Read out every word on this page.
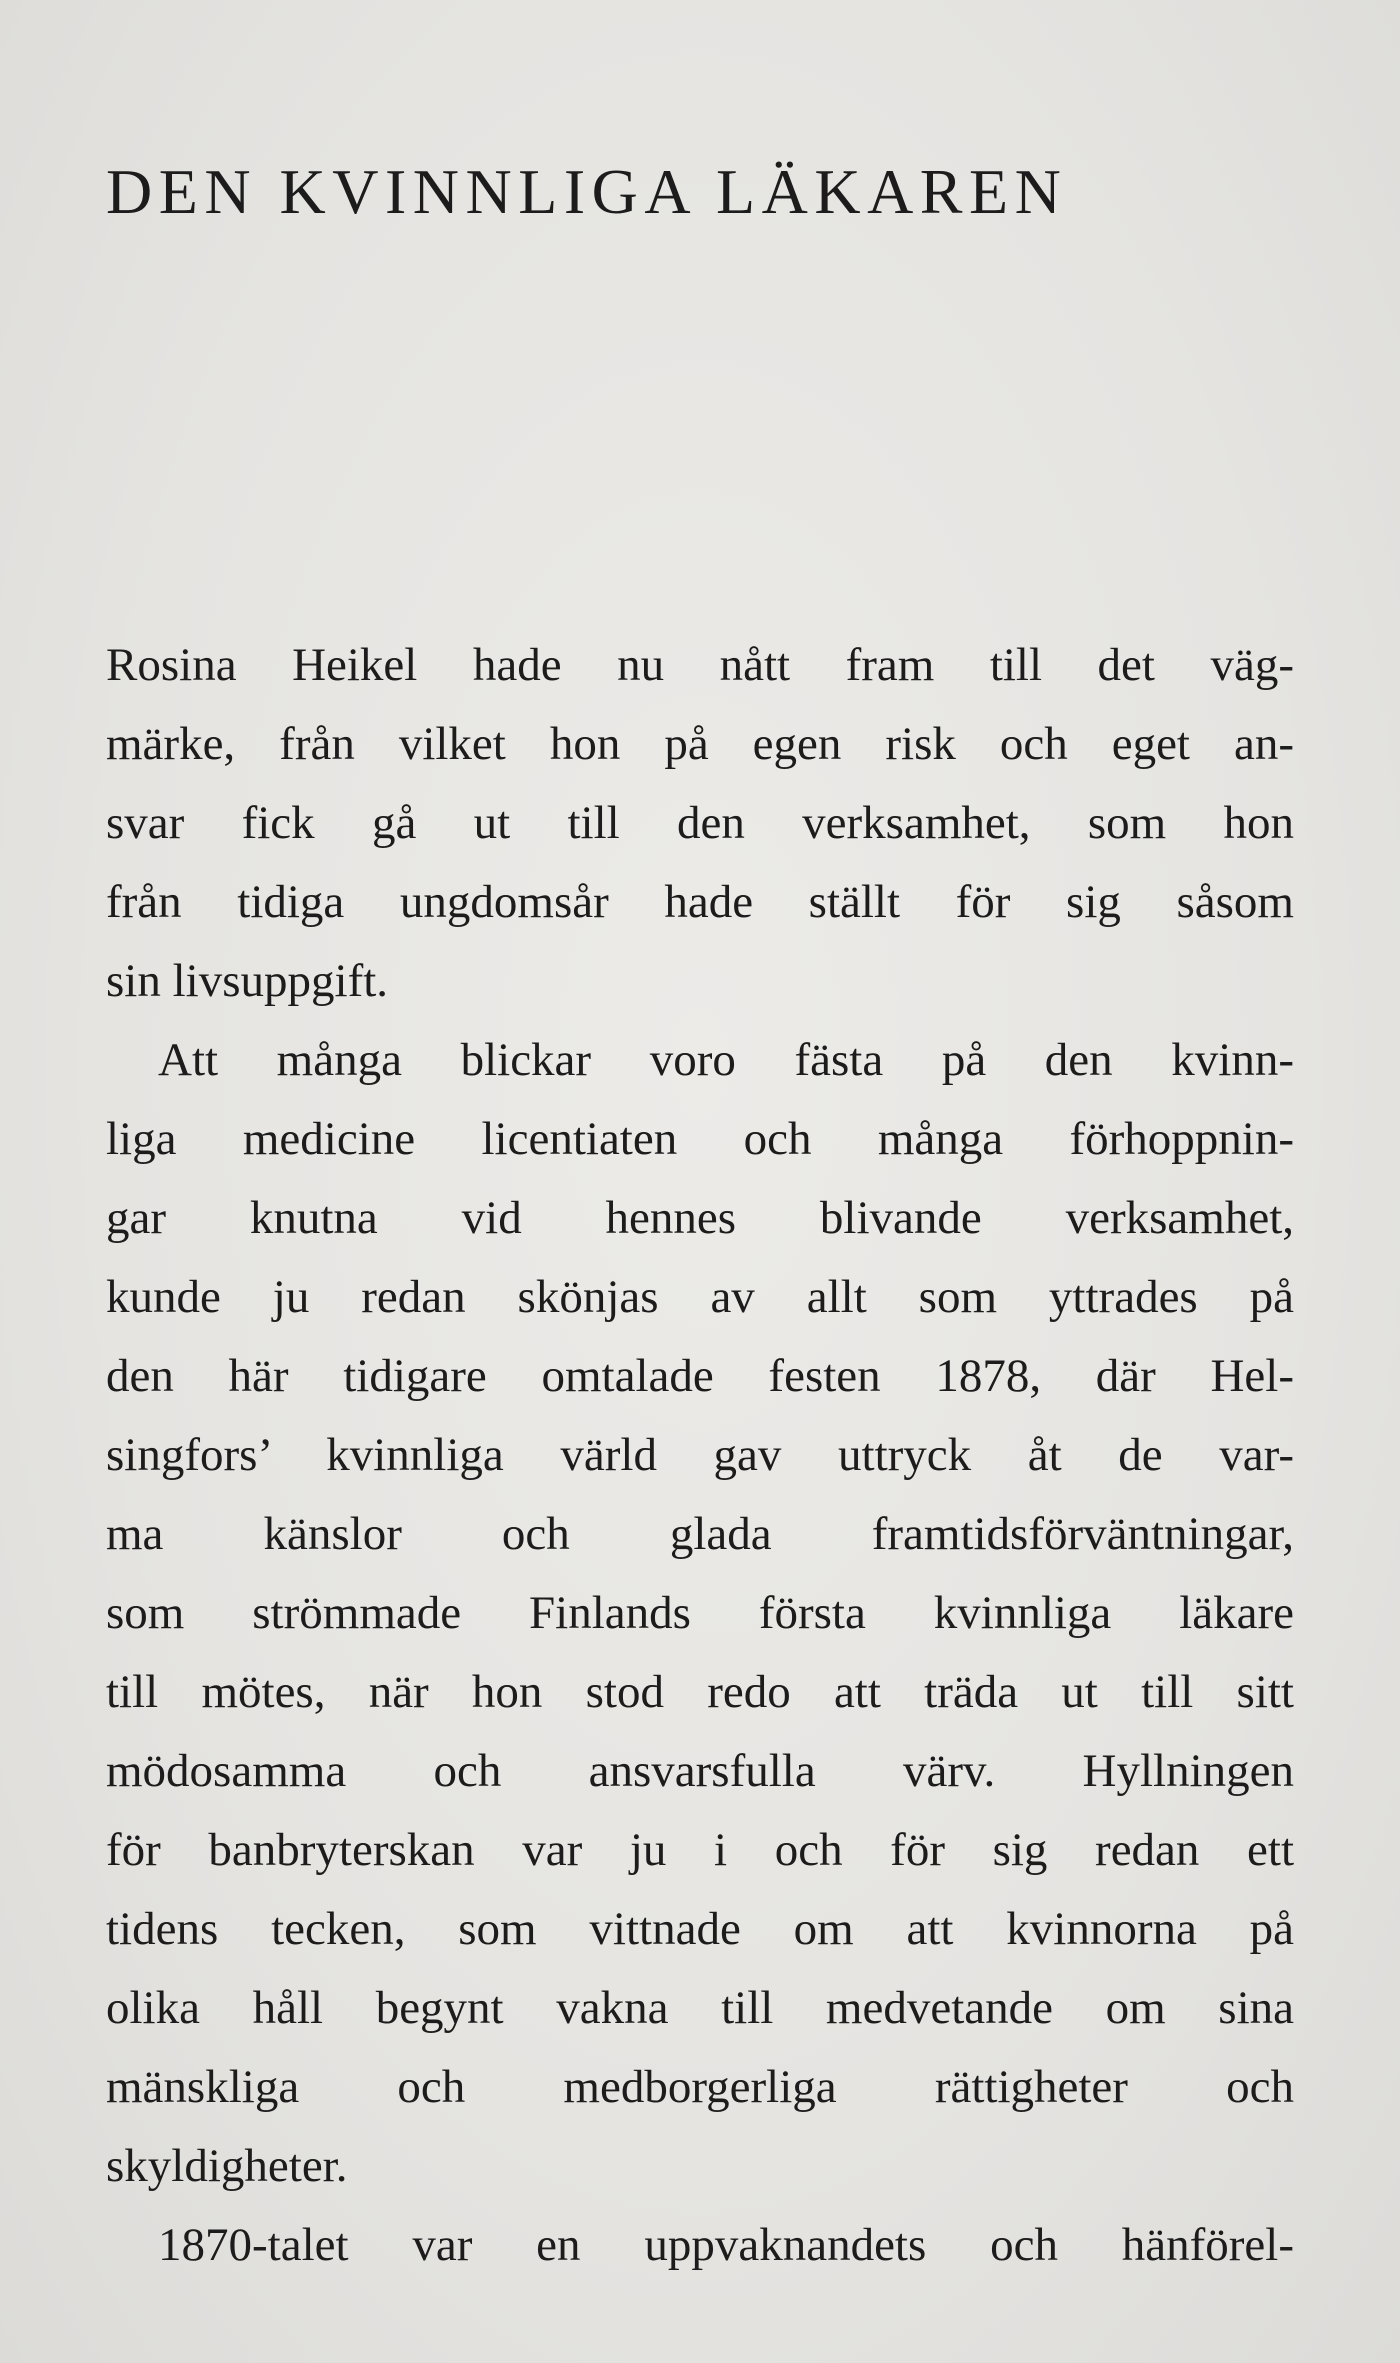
DEN KVINNLIGA LÄKAREN
Rosina Heikel hade nu nått fram till det väg-
märke, från vilket hon på egen risk och eget an-
svar fick gå ut till den verksamhet, som hon
från tidiga ungdomsår hade ställt för sig såsom
sin livsuppgift.
Att många blickar voro fästa på den kvinn-
liga medicine licentiaten och många förhoppnin-
gar knutna vid hennes blivande verksamhet,
kunde ju redan skönjas av allt som yttrades på
den här tidigare omtalade festen 1878, där Hel-
singfors’ kvinnliga värld gav uttryck åt de var-
ma känslor och glada framtidsförväntningar,
som strömmade Finlands första kvinnliga läkare
till mötes, när hon stod redo att träda ut till sitt
mödosamma och ansvarsfulla värv. Hyllningen
för banbryterskan var ju i och för sig redan ett
tidens tecken, som vittnade om att kvinnorna på
olika håll begynt vakna till medvetande om sina
mänskliga och medborgerliga rättigheter och
skyldigheter.
1870-talet var en uppvaknandets och hänförel-
